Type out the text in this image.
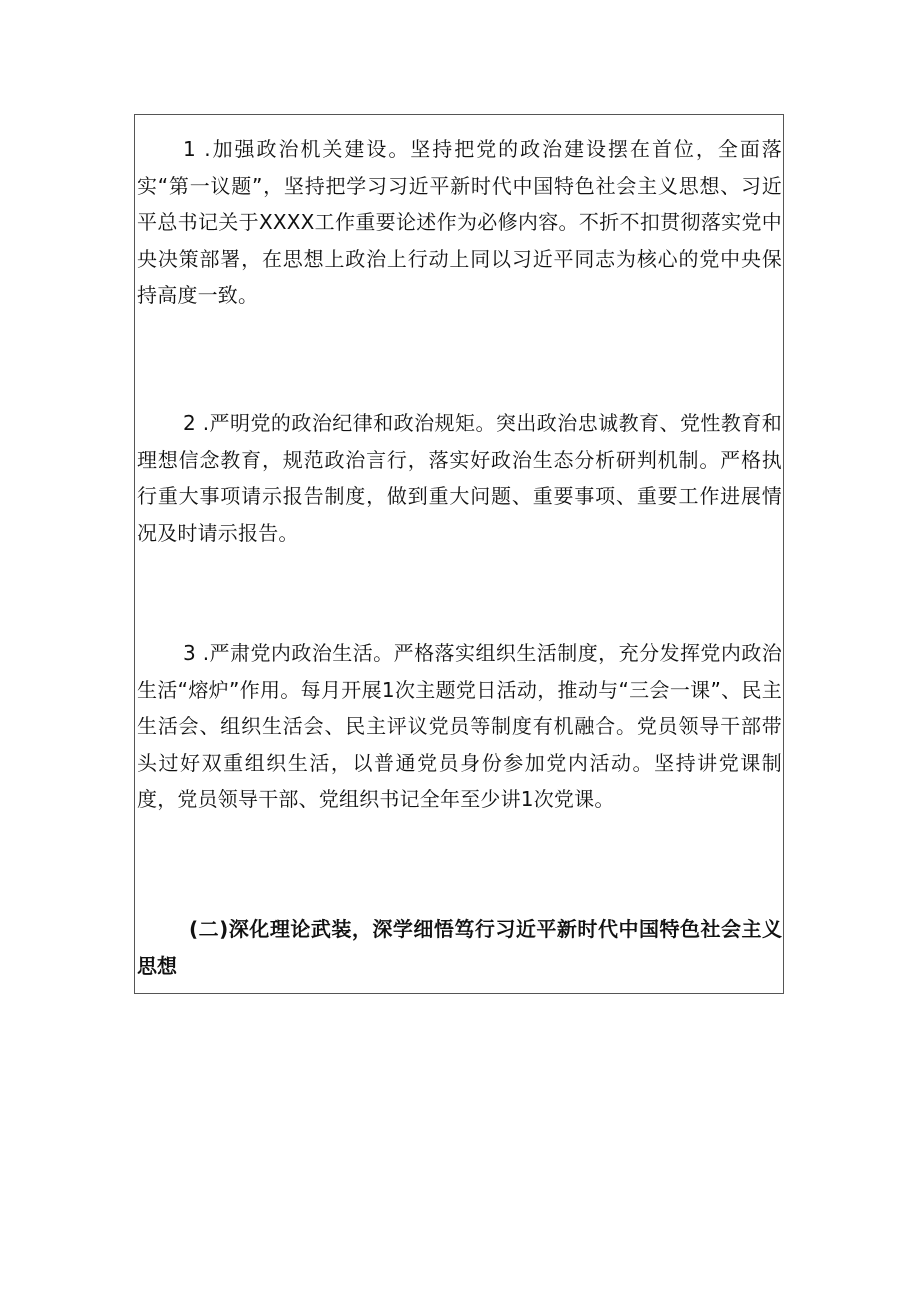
1 .加强政治机关建设。坚持把党的政治建设摆在首位，全面落实“第一议题”，坚持把学习习近平新时代中国特色社会主义思想、习近平总书记关于XXXX工作重要论述作为必修内容。不折不扣贯彻落实党中央决策部署，在思想上政治上行动上同以习近平同志为核心的党中央保持高度一致。

2 .严明党的政治纪律和政治规矩。突出政治忠诚教育、党性教育和理想信念教育，规范政治言行，落实好政治生态分析研判机制。严格执行重大事项请示报告制度，做到重大问题、重要事项、重要工作进展情况及时请示报告。

3 .严肃党内政治生活。严格落实组织生活制度，充分发挥党内政治生活“熔炉”作用。每月开展1次主题党日活动，推动与“三会一课”、民主生活会、组织生活会、民主评议党员等制度有机融合。党员领导干部带头过好双重组织生活，以普通党员身份参加党内活动。坚持讲党课制度，党员领导干部、党组织书记全年至少讲1次党课。

(二)深化理论武装，深学细悟笃行习近平新时代中国特色社会主义思想
